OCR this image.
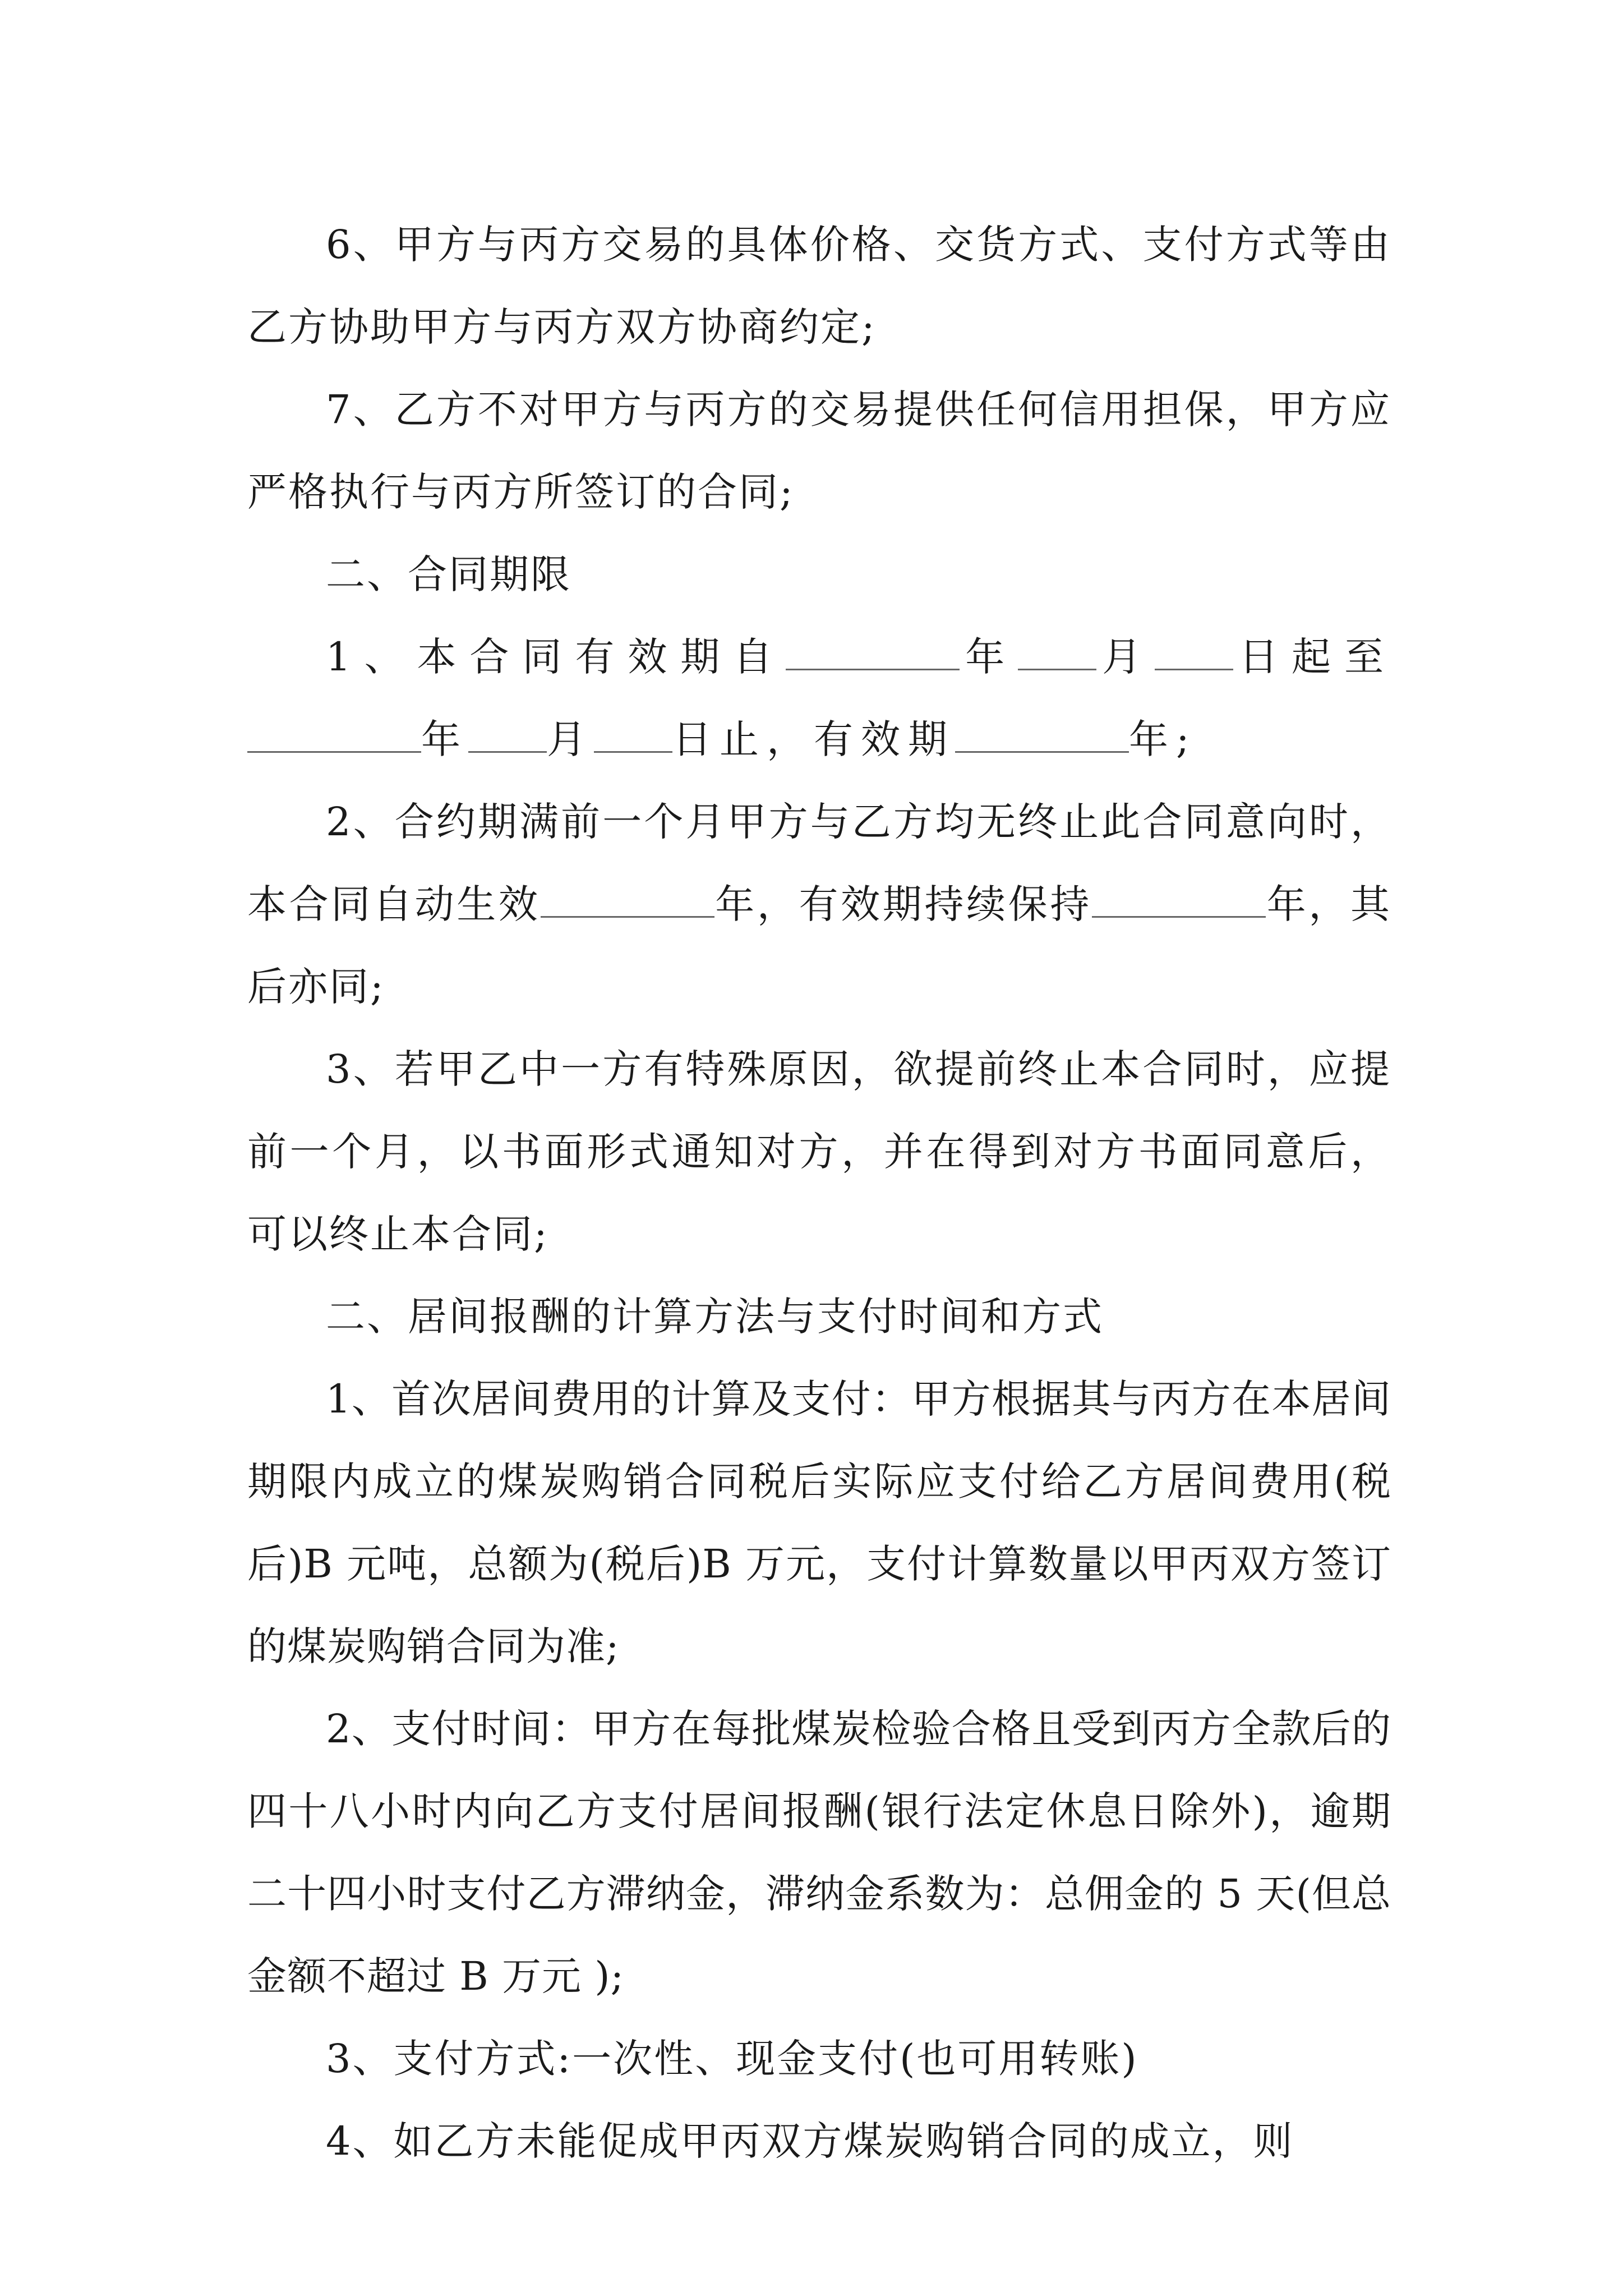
6、甲方与丙方交易的具体价格、交货方式、支付方式等由乙方协助甲方与丙方双方协商约定;

7、乙方不对甲方与丙方的交易提供任何信用担保，甲方应严格执行与丙方所签订的合同;

二、合同期限

1、本合同有效期自	年 月 日起至年 月 日止，有效期	年;

2、合约期满前一个月甲方与乙方均无终止此合同意向时，本合同自动生效	年，有效期持续保持	年，其后亦同;

3、若甲乙中一方有特殊原因，欲提前终止本合同时，应提前一个月，以书面形式通知对方，并在得到对方书面同意后，可以终止本合同;

二、居间报酬的计算方法与支付时间和方式

1、首次居间费用的计算及支付：甲方根据其与丙方在本居间期限内成立的煤炭购销合同税后实际应支付给乙方居间费用(税后)B 元吨，总额为(税后)B 万元，支付计算数量以甲丙双方签订的煤炭购销合同为准;

2、支付时间：甲方在每批煤炭检验合格且受到丙方全款后的四十八小时内向乙方支付居间报酬(银行法定休息日除外)，逾期二十四小时支付乙方滞纳金，滞纳金系数为：总佣金的 5 天(但总金额不超过 B 万元 );

3、支付方式:一次性、现金支付(也可用转账)

4、如乙方未能促成甲丙双方煤炭购销合同的成立，则
